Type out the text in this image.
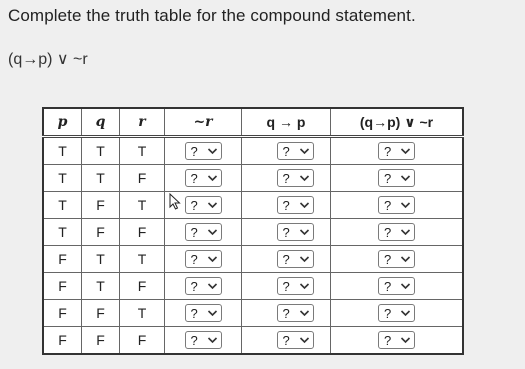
Complete the truth table for the compound statement.
(q→p) ∨ ~r
p	q	r	~r	q → p	(q→p) ∨ ~r
T	T	T	?	?	?

T	T	F	?	?	?

T	F	T	?	?	?

T	F	F	?	?	?

F	T	T	?	?	?

F	T	F	?	?	?

F	F	T	?	?	?

F	F	F	?	?	?
